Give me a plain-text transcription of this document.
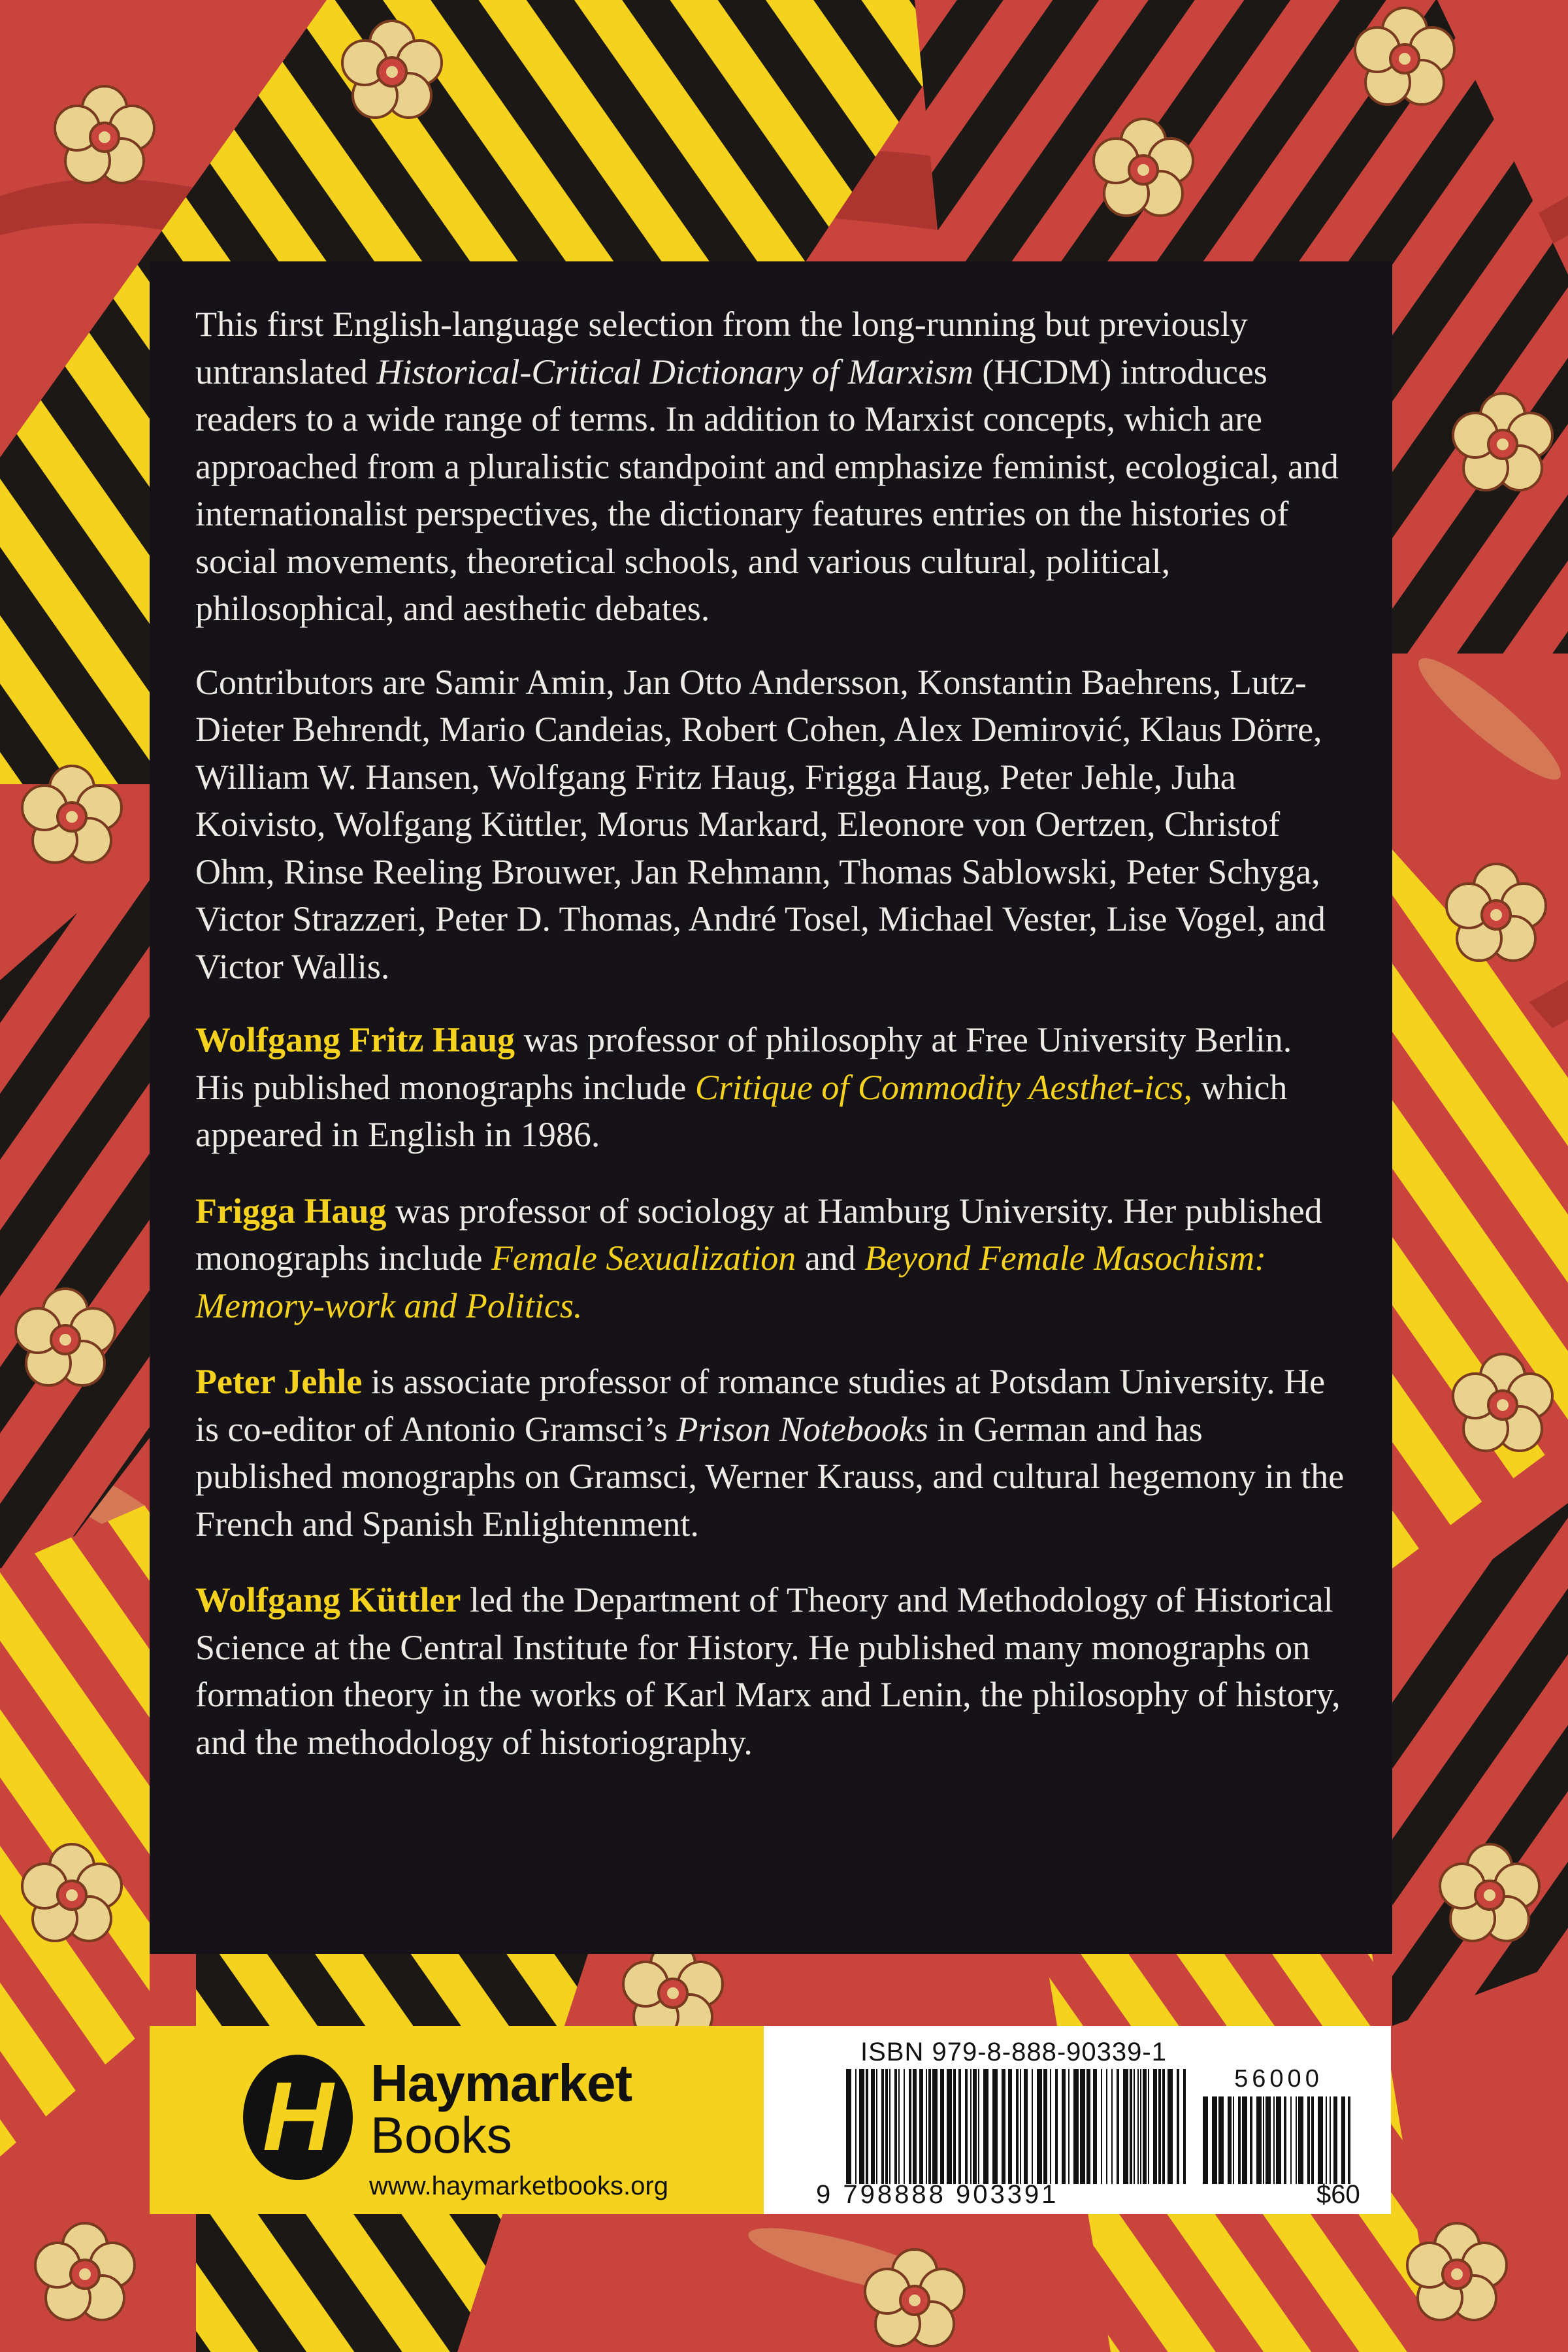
This first English-language selection from the long-running but previously untranslated Historical-Critical Dictionary of Marxism (HCDM) introduces readers to a wide range of terms. In addition to Marxist concepts, which are approached from a pluralistic standpoint and emphasize feminist, ecological, and internationalist perspectives, the dictionary features entries on the histories of social movements, theoretical schools, and various cultural, political, philosophical, and aesthetic debates.

Contributors are Samir Amin, Jan Otto Andersson, Konstantin Baehrens, Lutz-Dieter Behrendt, Mario Candeias, Robert Cohen, Alex Demirović, Klaus Dörre, William W. Hansen, Wolfgang Fritz Haug, Frigga Haug, Peter Jehle, Juha Koivisto, Wolfgang Küttler, Morus Markard, Eleonore von Oertzen, Christof Ohm, Rinse Reeling Brouwer, Jan Rehmann, Thomas Sablowski, Peter Schyga, Victor Strazzeri, Peter D. Thomas, André Tosel, Michael Vester, Lise Vogel, and Victor Wallis.

Wolfgang Fritz Haug was professor of philosophy at Free University Berlin. His published monographs include Critique of Commodity Aesthet-ics, which appeared in English in 1986.

Frigga Haug was professor of sociology at Hamburg University. Her published monographs include Female Sexualization and Beyond Female Masochism: Memory-work and Politics.

Peter Jehle is associate professor of romance studies at Potsdam University. He is co-editor of Antonio Gramsci’s Prison Notebooks in German and has published monographs on Gramsci, Werner Krauss, and cultural hegemony in the French and Spanish Enlightenment.

Wolfgang Küttler led the Department of Theory and Methodology of Historical Science at the Central Institute for History. He published many monographs on formation theory in the works of Karl Marx and Lenin, the philosophy of history, and the methodology of historiography.

H Haymarket
Books
www.haymarketbooks.org
ISBN 979-8-888-90339-1
56000
9 798888 903391	$60
